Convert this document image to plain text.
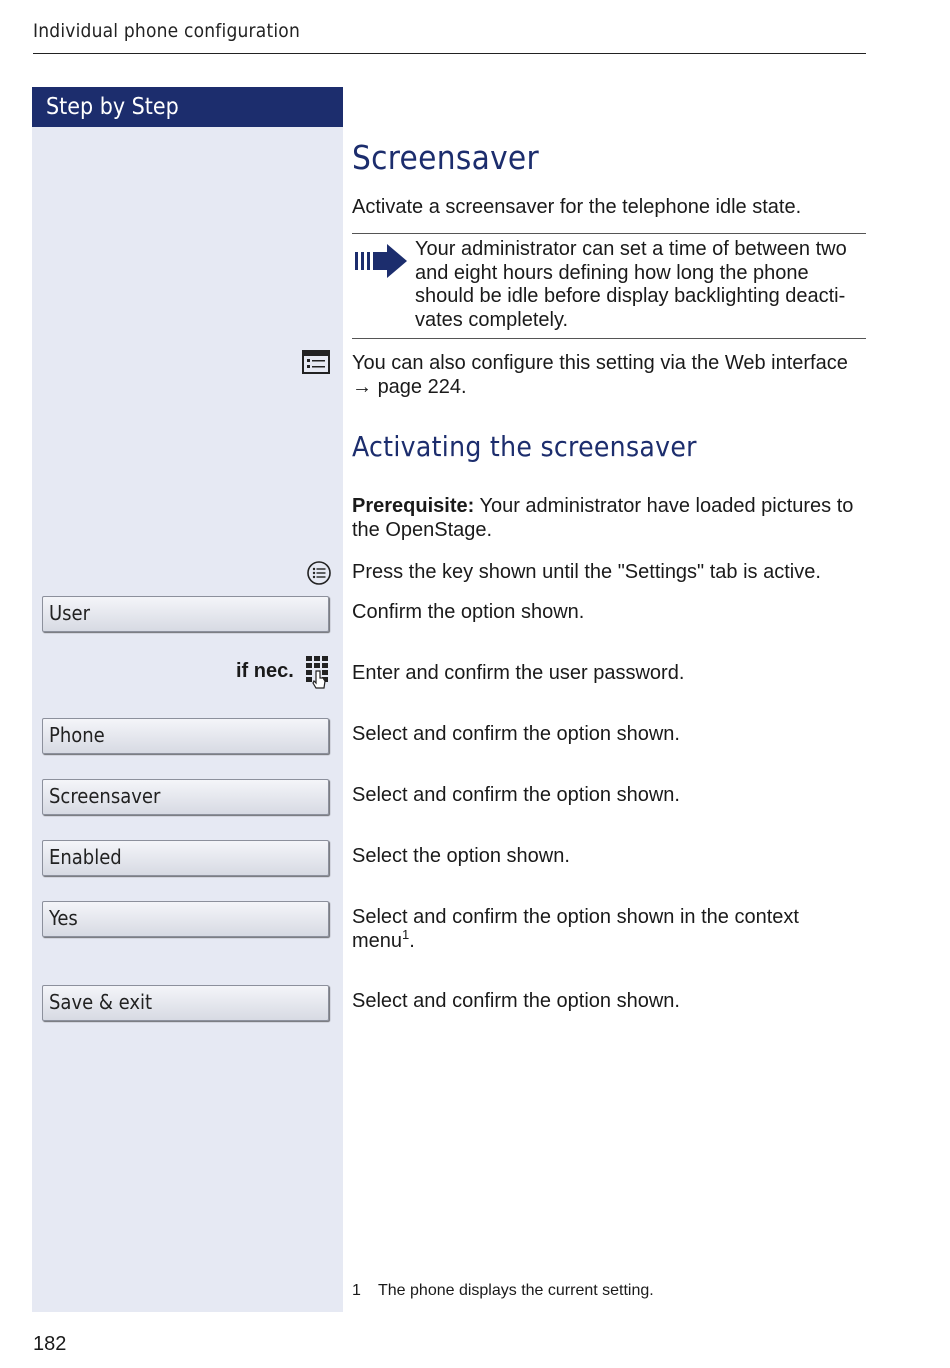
Individual phone configuration
Step by Step
Screensaver
Activate a screensaver for the telephone idle state.
Your administrator can set a time of between two and eight hours defining how long the phone should be idle before display backlighting deacti-vates completely.
You can also configure this setting via the Web interface
→ page 224.
Activating the screensaver
Prerequisite: Your administrator have loaded pictures to the OpenStage.
Press the key shown until the "Settings" tab is active.
User	Confirm the option shown.
if nec.	Enter and confirm the user password.
Phone	Select and confirm the option shown.
Screensaver	Select and confirm the option shown.
Enabled	Select the option shown.
Yes	Select and confirm the option shown in the context menu$^1$.
Save & exit	Select and confirm the option shown.
1 The phone displays the current setting.
182
